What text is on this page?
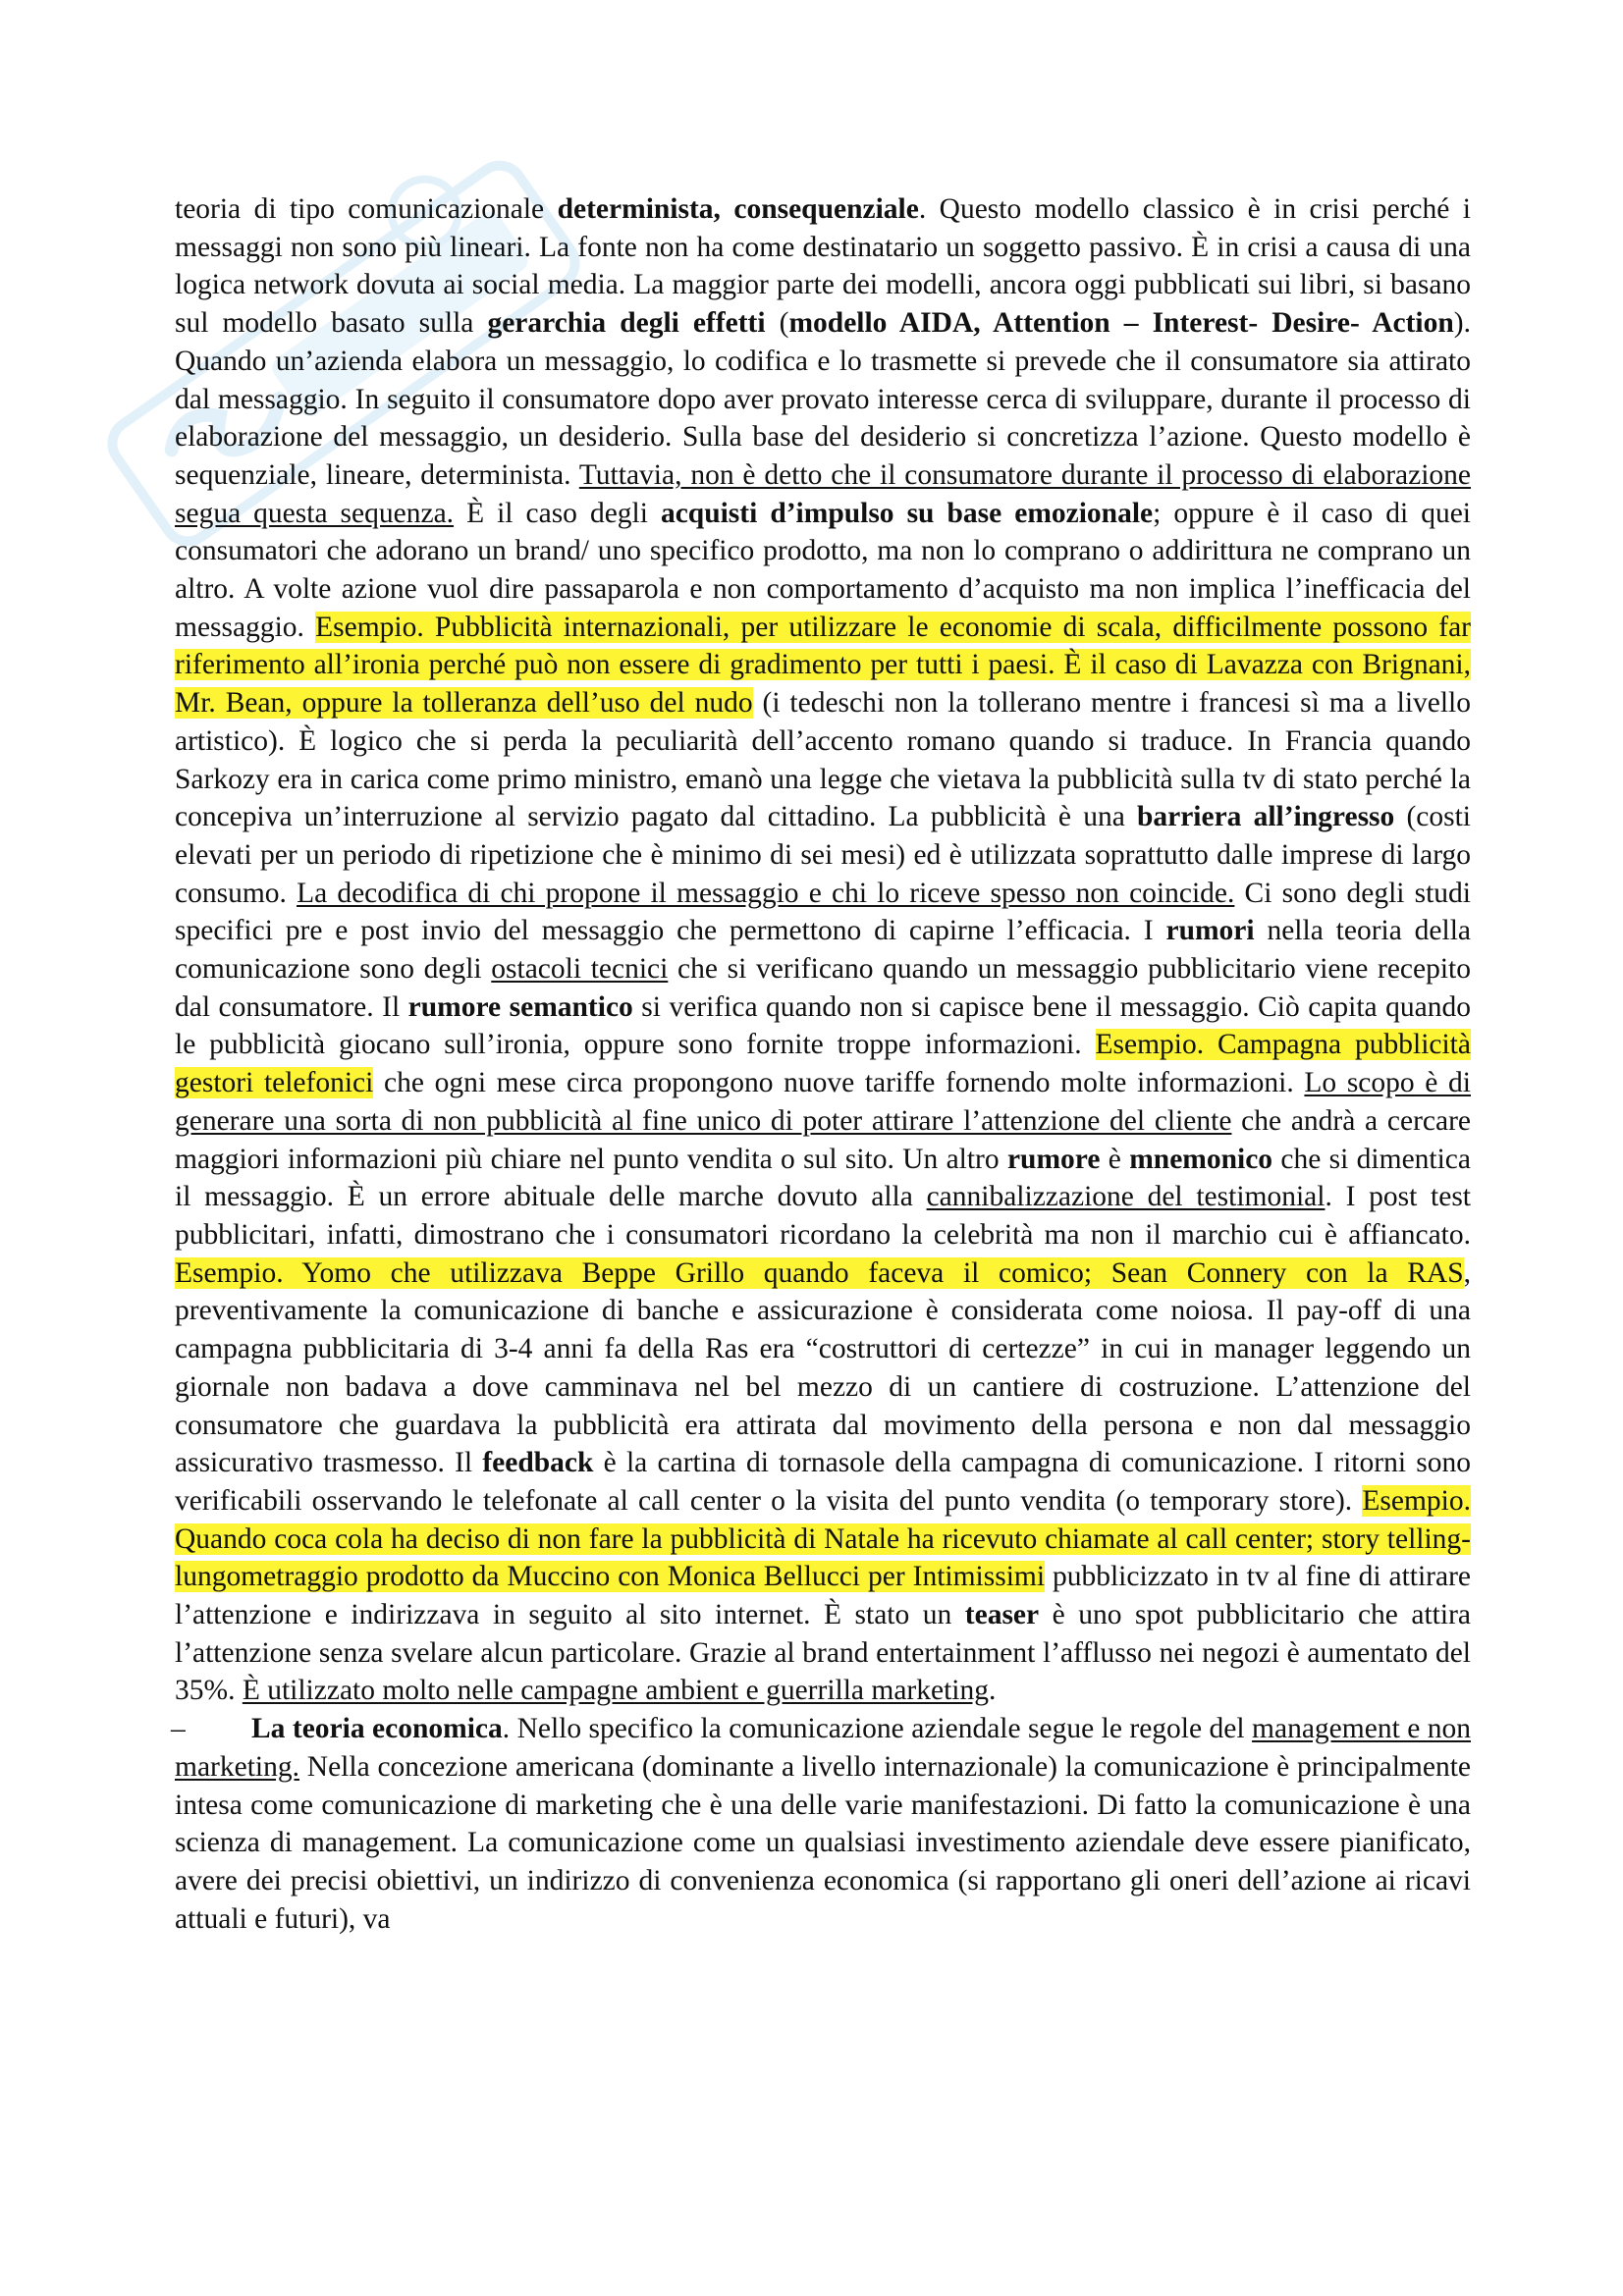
teoria di tipo comunicazionale determinista, consequenziale. Questo modello classico è in crisi perché i messaggi non sono più lineari. La fonte non ha come destinatario un soggetto passivo. È in crisi a causa di una logica network dovuta ai social media. La maggior parte dei modelli, ancora oggi pubblicati sui libri, si basano sul modello basato sulla gerarchia degli effetti (modello AIDA, Attention – Interest- Desire- Action). Quando un’azienda elabora un messaggio, lo codifica e lo trasmette si prevede che il consumatore sia attirato dal messaggio. In seguito il consumatore dopo aver provato interesse cerca di sviluppare, durante il processo di elaborazione del messaggio, un desiderio. Sulla base del desiderio si concretizza l’azione. Questo modello è sequenziale, lineare, determinista. Tuttavia, non è detto che il consumatore durante il processo di elaborazione segua questa sequenza. È il caso degli acquisti d’impulso su base emozionale; oppure è il caso di quei consumatori che adorano un brand/ uno specifico prodotto, ma non lo comprano o addirittura ne comprano un altro. A volte azione vuol dire passaparola e non comportamento d’acquisto ma non implica l’inefficacia del messaggio. Esempio. Pubblicità internazionali, per utilizzare le economie di scala, difficilmente possono far riferimento all’ironia perché può non essere di gradimento per tutti i paesi. È il caso di Lavazza con Brignani, Mr. Bean, oppure la tolleranza dell’uso del nudo (i tedeschi non la tollerano mentre i francesi sì ma a livello artistico). È logico che si perda la peculiarità dell’accento romano quando si traduce. In Francia quando Sarkozy era in carica come primo ministro, emanò una legge che vietava la pubblicità sulla tv di stato perché la concepiva un’interruzione al servizio pagato dal cittadino. La pubblicità è una barriera all’ingresso (costi elevati per un periodo di ripetizione che è minimo di sei mesi) ed è utilizzata soprattutto dalle imprese di largo consumo. La decodifica di chi propone il messaggio e chi lo riceve spesso non coincide. Ci sono degli studi specifici pre e post invio del messaggio che permettono di capirne l’efficacia. I rumori nella teoria della comunicazione sono degli ostacoli tecnici che si verificano quando un messaggio pubblicitario viene recepito dal consumatore. Il rumore semantico si verifica quando non si capisce bene il messaggio. Ciò capita quando le pubblicità giocano sull’ironia, oppure sono fornite troppe informazioni. Esempio. Campagna pubblicità gestori telefonici che ogni mese circa propongono nuove tariffe fornendo molte informazioni. Lo scopo è di generare una sorta di non pubblicità al fine unico di poter attirare l’attenzione del cliente che andrà a cercare maggiori informazioni più chiare nel punto vendita o sul sito. Un altro rumore è mnemonico che si dimentica il messaggio. È un errore abituale delle marche dovuto alla cannibalizzazione del testimonial. I post test pubblicitari, infatti, dimostrano che i consumatori ricordano la celebrità ma non il marchio cui è affiancato. Esempio. Yomo che utilizzava Beppe Grillo quando faceva il comico; Sean Connery con la RAS, preventivamente la comunicazione di banche e assicurazione è considerata come noiosa. Il pay-off di una campagna pubblicitaria di 3-4 anni fa della Ras era “costruttori di certezze” in cui in manager leggendo un giornale non badava a dove camminava nel bel mezzo di un cantiere di costruzione. L’attenzione del consumatore che guardava la pubblicità era attirata dal movimento della persona e non dal messaggio assicurativo trasmesso. Il feedback è la cartina di tornasole della campagna di comunicazione. I ritorni sono verificabili osservando le telefonate al call center o la visita del punto vendita (o temporary store). Esempio. Quando coca cola ha deciso di non fare la pubblicità di Natale ha ricevuto chiamate al call center; story telling-lungometraggio prodotto da Muccino con Monica Bellucci per Intimissimi pubblicizzato in tv al fine di attirare l’attenzione e indirizzava in seguito al sito internet. È stato un teaser è uno spot pubblicitario che attira l’attenzione senza svelare alcun particolare. Grazie al brand entertainment l’afflusso nei negozi è aumentato del 35%. È utilizzato molto nelle campagne ambient e guerrilla marketing.

–	La teoria economica. Nello specifico la comunicazione aziendale segue le regole del management e non marketing. Nella concezione americana (dominante a livello internazionale) la comunicazione è principalmente intesa come comunicazione di marketing che è una delle varie manifestazioni. Di fatto la comunicazione è una scienza di management. La comunicazione come un qualsiasi investimento aziendale deve essere pianificato, avere dei precisi obiettivi, un indirizzo di convenienza economica (si rapportano gli oneri dell’azione ai ricavi attuali e futuri), va
